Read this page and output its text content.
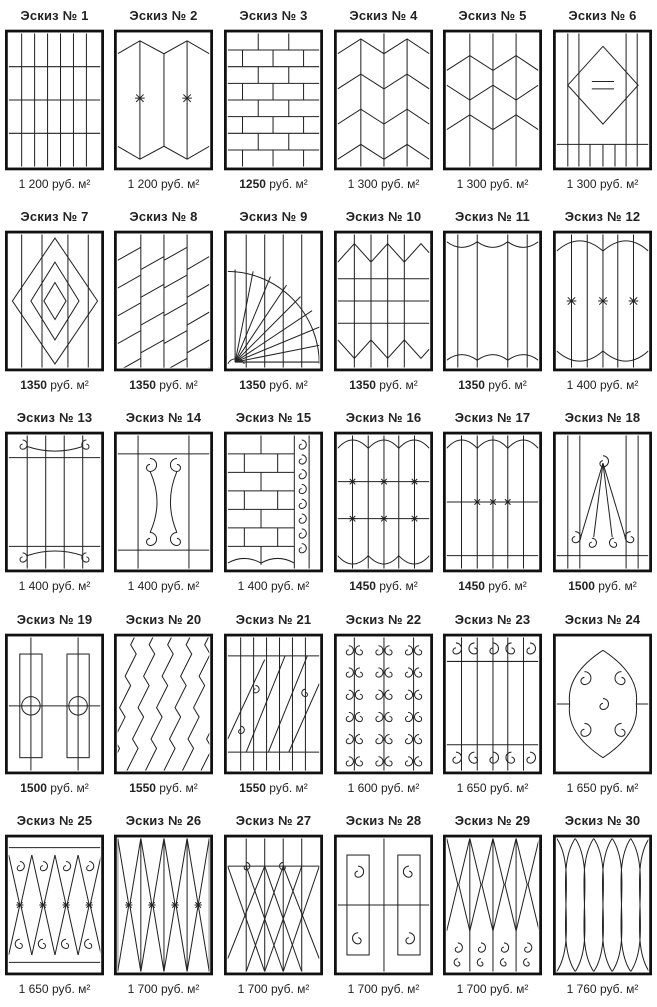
Эскиз № 1
1 200 руб. м²
Эскиз № 2
1 200 руб. м²
Эскиз № 3
1250 руб. м²
Эскиз № 4
1 300 руб. м²
Эскиз № 5
1 300 руб. м²
Эскиз № 6
1 300 руб. м²
Эскиз № 7
1350 руб. м²
Эскиз № 8
1350 руб. м²
Эскиз № 9
1350 руб. м²
Эскиз № 10
1350 руб. м²
Эскиз № 11
1350 руб. м²
Эскиз № 12
1 400 руб. м²
Эскиз № 13
1 400 руб. м²
Эскиз № 14
1 400 руб. м²
Эскиз № 15
1 400 руб. м²
Эскиз № 16
1450 руб. м²
Эскиз № 17
1450 руб. м²
Эскиз № 18
1500 руб. м²
Эскиз № 19
1500 руб. м²
Эскиз № 20
1550 руб. м²
Эскиз № 21
1550 руб. м²
Эскиз № 22
1 600 руб. м²
Эскиз № 23
1 650 руб. м²
Эскиз № 24
1 650 руб. м²
Эскиз № 25
1 650 руб. м²
Эскиз № 26
1 700 руб. м²
Эскиз № 27
1 700 руб. м²
Эскиз № 28
1 700 руб. м²
Эскиз № 29
1 700 руб. м²
Эскиз № 30
1 760 руб. м²
